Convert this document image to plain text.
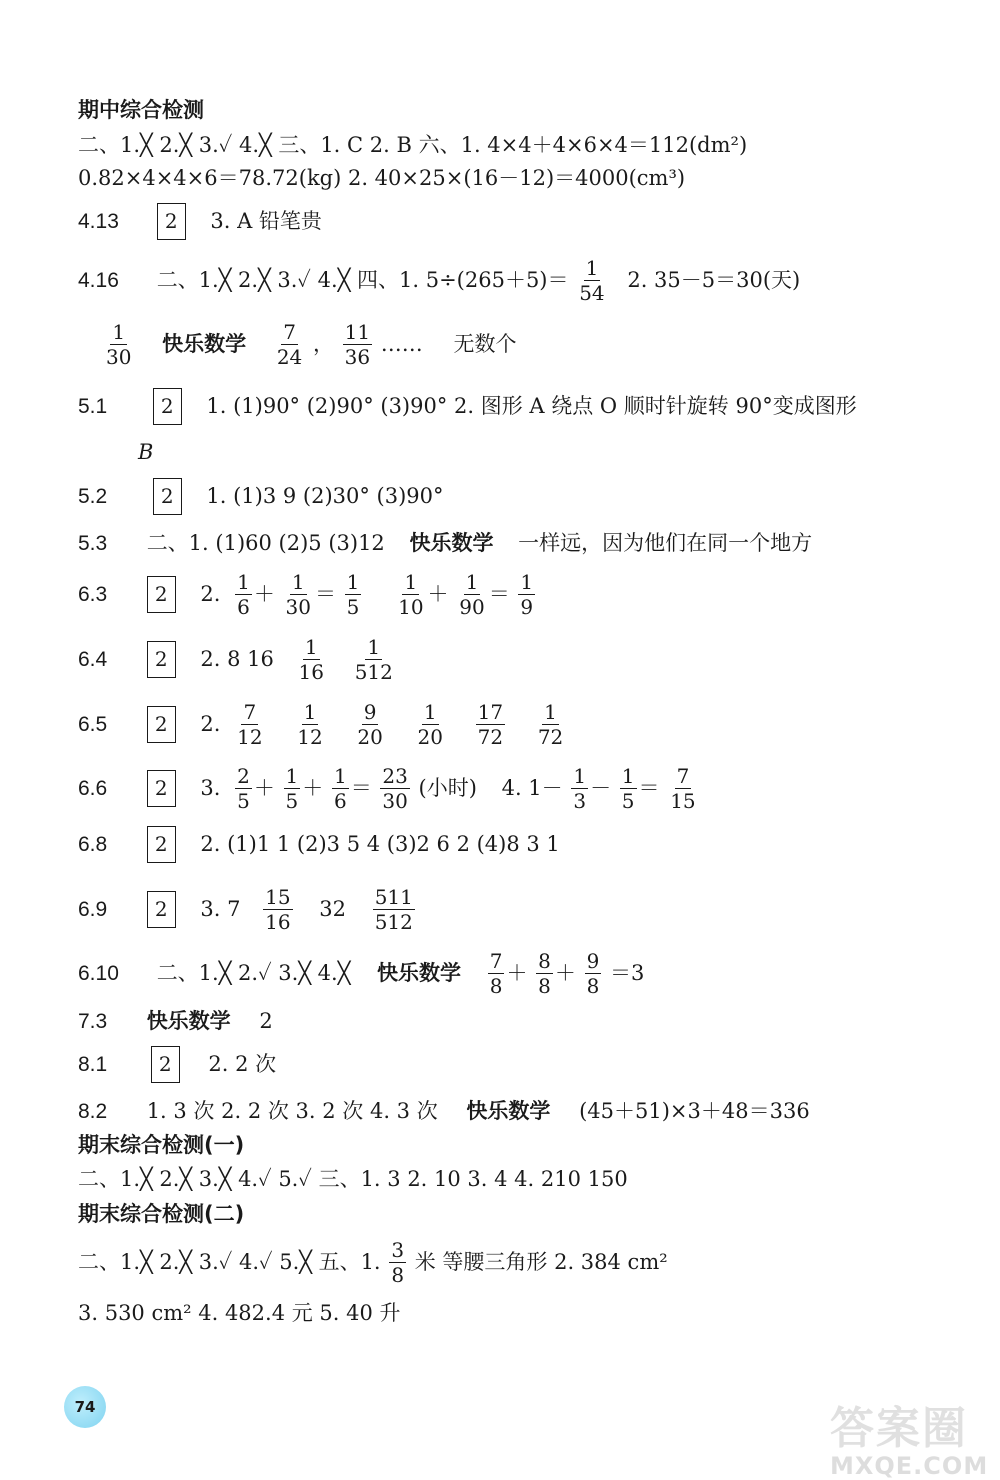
期中综合检测
二、1.╳ 2.╳ 3.✓ 4.╳ 三、1. C 2. B 六、1. 4×4＋4×6×4＝112(dm²)
0.82×4×4×6＝78.72(kg) 2. 40×25×(16－12)＝4000(cm³)
4.13 2 3. A 铅笔贵
4.16 二、1.╳ 2.╳ 3.✓ 4.╳ 四、1. $5\div(265+5)= \frac{1}{54} 2$. 35－5＝30(天)
$\frac{1}{30}$ 快乐数学 $\frac{7}{24}$ ， $\frac{11}{36}$ …… 无数个
5.1	2 1. (1)90° (2)90° (3)90° 2. 图形 A 绕点 O 顺时针旋转 90°变成图形
B
5.2	2 1. (1)3 9 (2)30° (3)90°
5.3 二、1. (1)60 (2)5 (3)12 快乐数学 一样远，因为他们在同一个地方
6.3 2 2. $\frac{1}{6} + \frac{1}{30} = \frac{1}{5}$
$\frac{1}{10} + \frac{1}{90} = \frac{1}{9}$
6.4 2 2. 8 $16 \frac{1}{16}$
$\frac{1}{512}$
6.5 2 2. $\frac{7}{12}$
$\frac{1}{12}$
$\frac{9}{20}$
$\frac{1}{20}$
$\frac{17}{72}$
$\frac{1}{72}$
6.6 2 3. $\frac{2}{5} + \frac{1}{5} + \frac{1}{6} = \frac{23}{30}$ (小时) 4. $1- \frac{1}{3} - \frac{1}{5} = \frac{7}{15}$
6.8 2 2. (1)1 1 (2)3 5 4 (3)2 6 2 (4)8 3 1
6.9 2 3. $7 \frac{15}{16} 32 \frac{511}{512}$
6.10 二、1.╳ 2.✓ 3.╳ 4.╳ 快乐数学 $\frac{7}{8} + \frac{8}{8} + \frac{9}{8} =3$
7.3 快乐数学 2
8.1	2 2. 2 次
8.2 1. 3 次 2. 2 次 3. 2 次 4. 3 次 快乐数学 (45＋51)×3＋48＝336
期末综合检测(一)
二、1.╳ 2.╳ 3.╳ 4.✓ 5.✓ 三、1. 3 2. 10 3. 4 4. 210 150
期末综合检测(二)
二、1.╳ 2.╳ 3.✓ 4.✓ 5.╳ 五、1. $\frac{3}{8}$ 米 等腰三角形 2. 384 cm²
3. 530 cm² 4. 482.4 元 5. 40 升
74	答案圈
MXQE.COM
